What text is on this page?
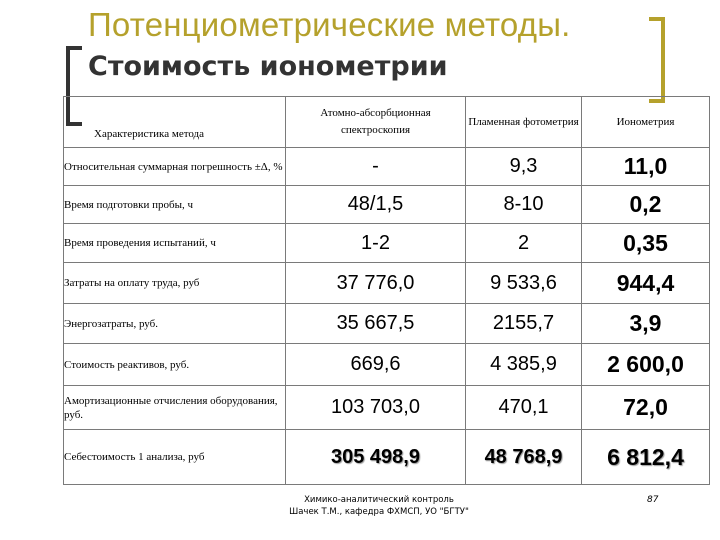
Потенциометрические методы.
Стоимость ионометрии
Характеристика метода	Атомно-абсорбционная спектроскопия	Пламенная фотометрия	Ионометрия
Относительная суммарная погрешность ±Δ, %	-	9,3	11,0
Время подготовки пробы, ч	48/1,5	8-10	0,2
Время проведения испытаний, ч	1-2	2	0,35
Затраты на оплату труда, руб	37 776,0	9 533,6	944,4
Энергозатраты, руб.	35 667,5	2155,7	3,9
Стоимость реактивов, руб.	669,6	4 385,9	2 600,0
Амортизационные отчисления оборудования, руб.	103 703,0	470,1	72,0
Себестоимость 1 анализа, руб	305 498,9	48 768,9	6 812,4
Химико-аналитический контроль
Шачек Т.М., кафедра ФХМСП, УО "БГТУ"
87
